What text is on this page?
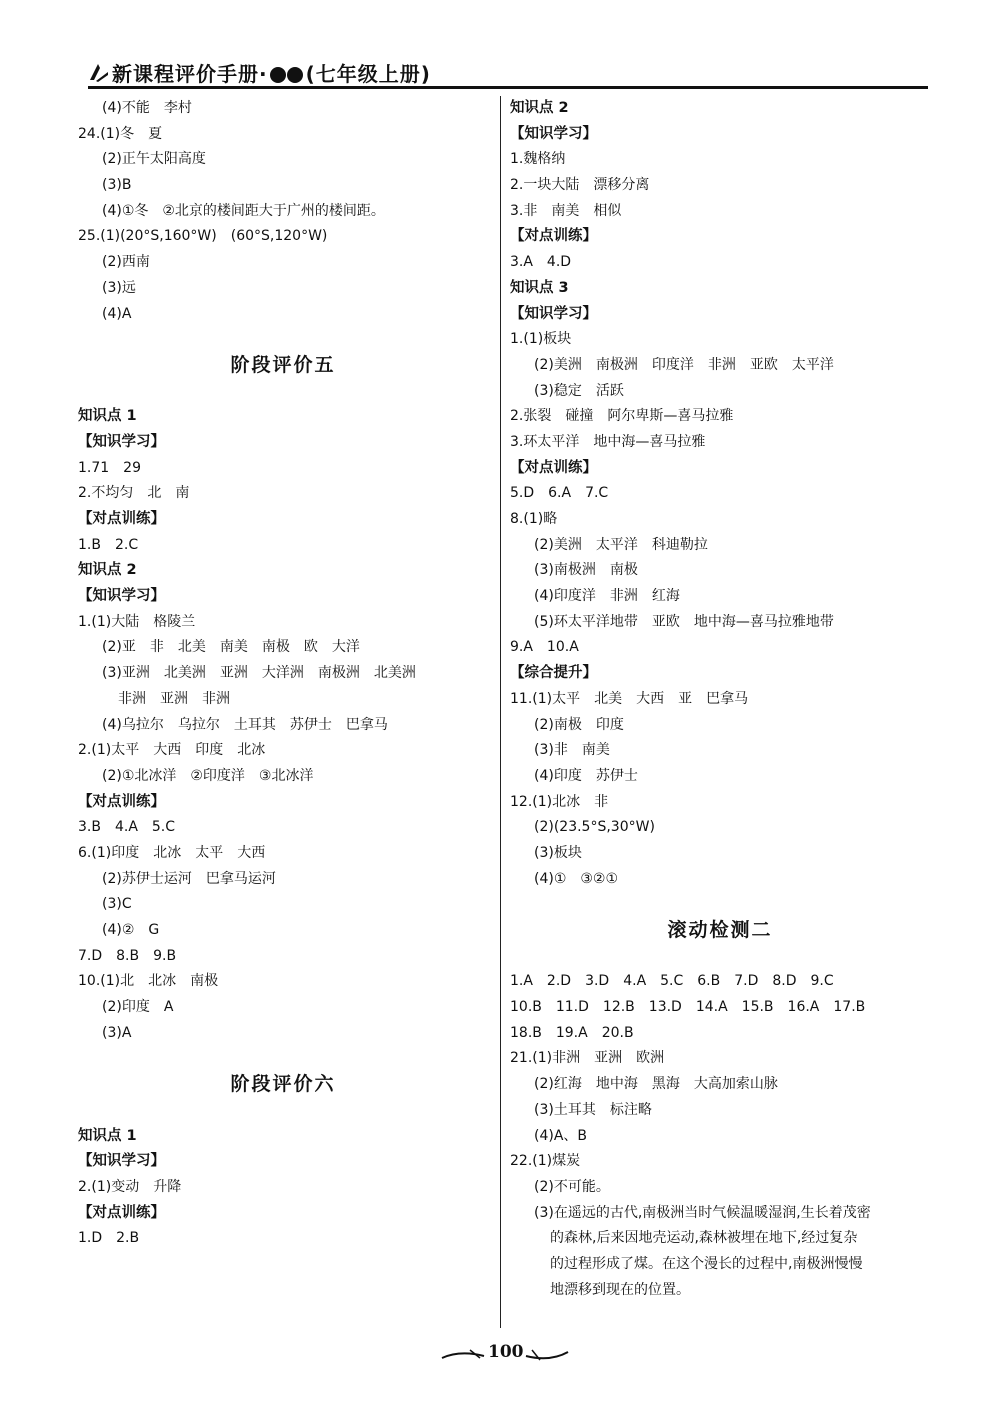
新课程评价手册· (七年级上册)
(4)不能　李村
24.(1)冬　夏
(2)正午太阳高度
(3)B
(4)①冬　②北京的楼间距大于广州的楼间距。
25.(1)(20°S,160°W)　(60°S,120°W)
(2)西南
(3)远
(4)A
阶段评价五
知识点 1
【知识学习】
1.71　29
2.不均匀　北　南
【对点训练】
1.B　2.C
知识点 2
【知识学习】
1.(1)大陆　格陵兰
(2)亚　非　北美　南美　南极　欧　大洋
(3)亚洲　北美洲　亚洲　大洋洲　南极洲　北美洲
非洲　亚洲　非洲
(4)乌拉尔　乌拉尔　土耳其　苏伊士　巴拿马
2.(1)太平　大西　印度　北冰
(2)①北冰洋　②印度洋　③北冰洋
【对点训练】
3.B　4.A　5.C
6.(1)印度　北冰　太平　大西
(2)苏伊士运河　巴拿马运河
(3)C
(4)②　G
7.D　8.B　9.B
10.(1)北　北冰　南极
(2)印度　A
(3)A
阶段评价六
知识点 1
【知识学习】
2.(1)变动　升降
【对点训练】
1.D　2.B
知识点 2
【知识学习】
1.魏格纳
2.一块大陆　漂移分离
3.非　南美　相似
【对点训练】
3.A　4.D
知识点 3
【知识学习】
1.(1)板块
(2)美洲　南极洲　印度洋　非洲　亚欧　太平洋
(3)稳定　活跃
2.张裂　碰撞　阿尔卑斯—喜马拉雅
3.环太平洋　地中海—喜马拉雅
【对点训练】
5.D　6.A　7.C
8.(1)略
(2)美洲　太平洋　科迪勒拉
(3)南极洲　南极
(4)印度洋　非洲　红海
(5)环太平洋地带　亚欧　地中海—喜马拉雅地带
9.A　10.A
【综合提升】
11.(1)太平　北美　大西　亚　巴拿马
(2)南极　印度
(3)非　南美
(4)印度　苏伊士
12.(1)北冰　非
(2)(23.5°S,30°W)
(3)板块
(4)①　③②①
滚动检测二
1.A　2.D　3.D　4.A　5.C　6.B　7.D　8.D　9.C
10.B　11.D　12.B　13.D　14.A　15.B　16.A　17.B
18.B　19.A　20.B
21.(1)非洲　亚洲　欧洲
(2)红海　地中海　黑海　大高加索山脉
(3)土耳其　标注略
(4)A、B
22.(1)煤炭
(2)不可能。
(3)在遥远的古代,南极洲当时气候温暖湿润,生长着茂密
的森林,后来因地壳运动,森林被埋在地下,经过复杂
的过程形成了煤。在这个漫长的过程中,南极洲慢慢
地漂移到现在的位置。
100
